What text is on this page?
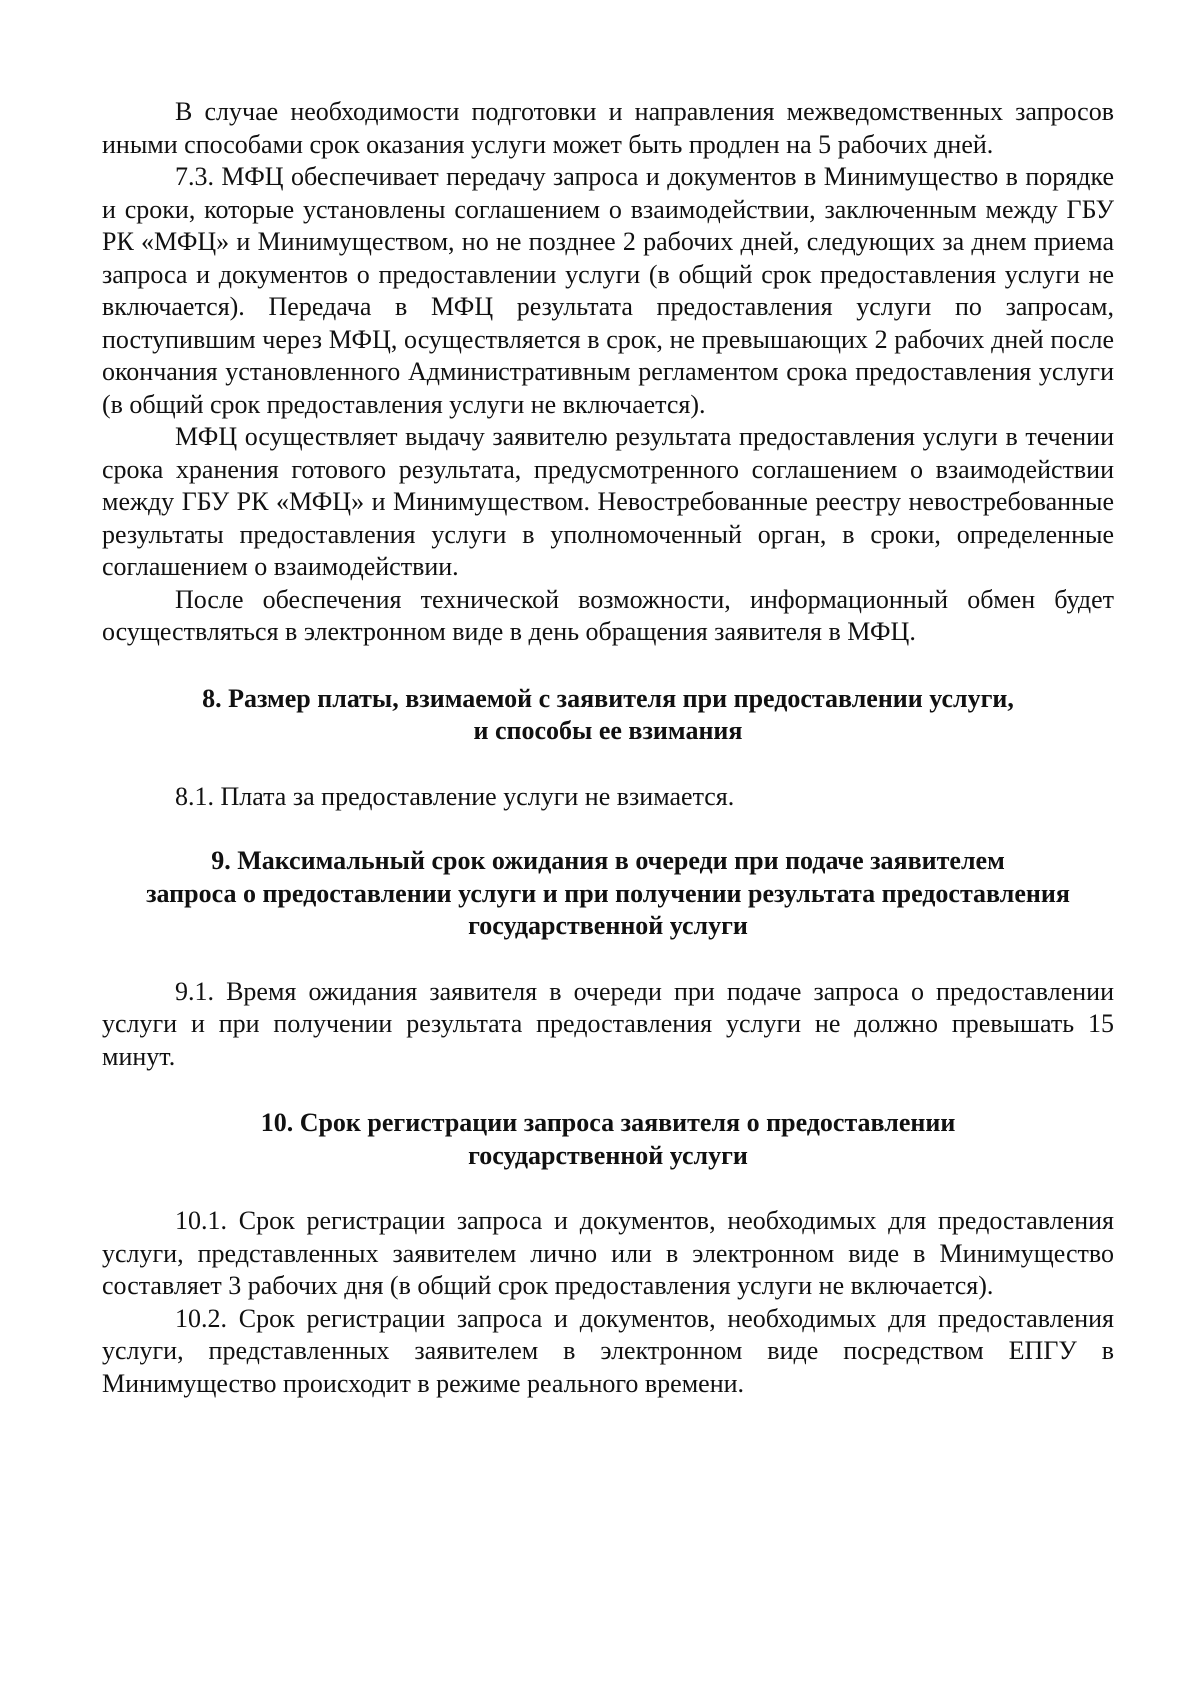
В случае необходимости подготовки и направления межведомственных запросов иными способами срок оказания услуги может быть продлен на 5 рабочих дней.

7.3. МФЦ обеспечивает передачу запроса и документов в Минимущество в порядке и сроки, которые установлены соглашением о взаимодействии, заключенным между ГБУ РК «МФЦ» и Минимуществом, но не позднее 2 рабочих дней, следующих за днем приема запроса и документов о предоставлении услуги (в общий срок предоставления услуги не включается). Передача в МФЦ результата предоставления услуги по запросам, поступившим через МФЦ, осуществляется в срок, не превышающих 2 рабочих дней после окончания установленного Административным регламентом срока предоставления услуги (в общий срок предоставления услуги не включается).

МФЦ осуществляет выдачу заявителю результата предоставления услуги в течении срока хранения готового результата, предусмотренного соглашением о взаимодействии между ГБУ РК «МФЦ» и Минимуществом. Невостребованные реестру невостребованные результаты предоставления услуги в уполномоченный орган, в сроки, определенные соглашением о взаимодействии.

После обеспечения технической возможности, информационный обмен будет осуществляться в электронном виде в день обращения заявителя в МФЦ.

8. Размер платы, взимаемой с заявителя при предоставлении услуги,
и способы ее взимания

8.1. Плата за предоставление услуги не взимается.

9. Максимальный срок ожидания в очереди при подаче заявителем
запроса о предоставлении услуги и при получении результата предоставления
государственной услуги

9.1. Время ожидания заявителя в очереди при подаче запроса о предоставлении услуги и при получении результата предоставления услуги не должно превышать 15 минут.

10. Срок регистрации запроса заявителя о предоставлении
государственной услуги

10.1. Срок регистрации запроса и документов, необходимых для предоставления услуги, представленных заявителем лично или в электронном виде в Минимущество составляет 3 рабочих дня (в общий срок предоставления услуги не включается).

10.2. Срок регистрации запроса и документов, необходимых для предоставления услуги, представленных заявителем в электронном виде посредством ЕПГУ в Минимущество происходит в режиме реального времени.
